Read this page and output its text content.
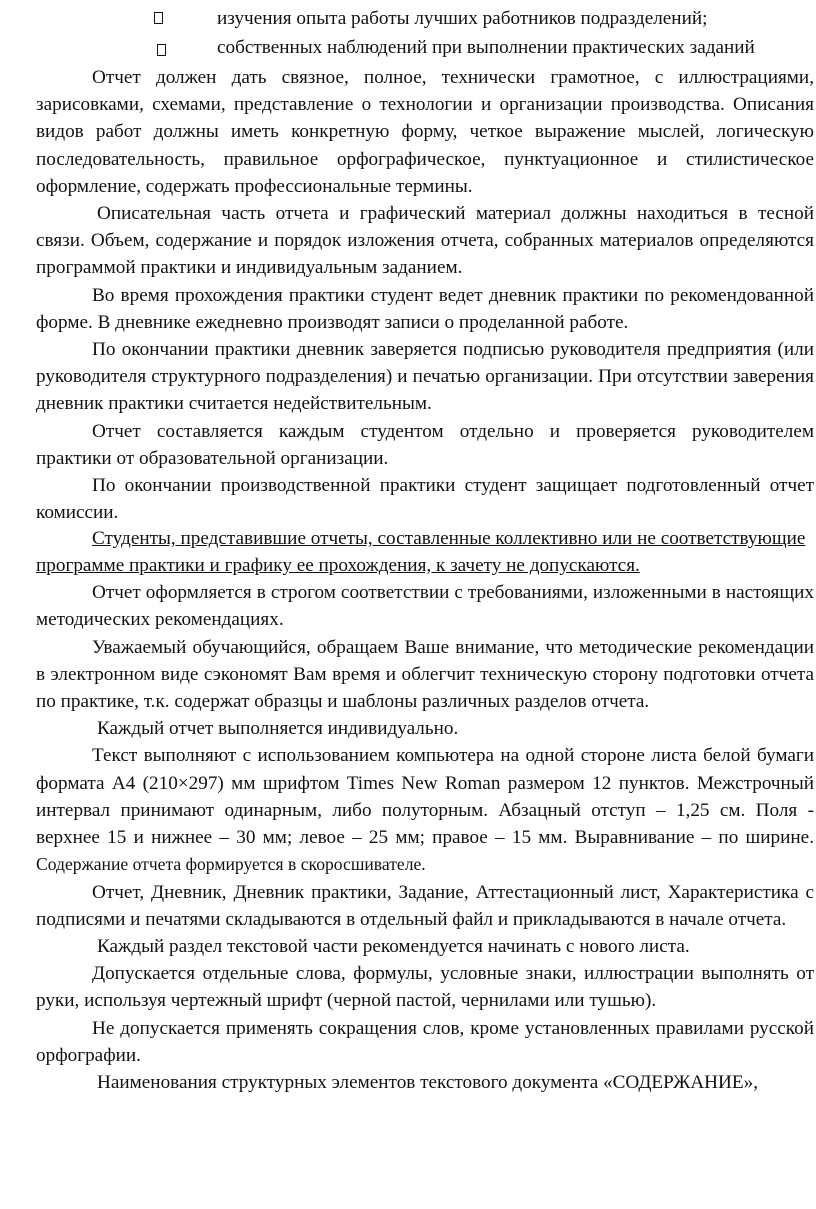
изучения опыта работы лучших работников подразделений;
собственных наблюдений при выполнении практических заданий

Отчет должен дать связное, полное, технически грамотное, с иллюстрациями, зарисовками, схемами, представление о технологии и организации производства. Описания видов работ должны иметь конкретную форму, четкое выражение мыслей, логическую последовательность, правильное орфографическое, пунктуационное и стилистическое оформление, содержать профессиональные термины.

Описательная часть отчета и графический материал должны находиться в тесной связи. Объем, содержание и порядок изложения отчета, собранных материалов определяются программой практики и индивидуальным заданием.

Во время прохождения практики студент ведет дневник практики по рекомендованной форме. В дневнике ежедневно производят записи о проделанной работе.

По окончании практики дневник заверяется подписью руководителя предприятия (или руководителя структурного подразделения) и печатью организации. При отсутствии заверения дневник практики считается недействительным.

Отчет составляется каждым студентом отдельно и проверяется руководителем практики от образовательной организации.

По окончании производственной практики студент защищает подготовленный отчет комиссии.

Студенты, представившие отчеты, составленные коллективно или не соответствующие программе практики и графику ее прохождения, к зачету не допускаются.

Отчет оформляется в строгом соответствии с требованиями, изложенными в настоящих методических рекомендациях.

Уважаемый обучающийся, обращаем Ваше внимание, что методические рекомендации в электронном виде сэкономят Вам время и облегчит техническую сторону подготовки отчета по практике, т.к. содержат образцы и шаблоны различных разделов отчета.

Каждый отчет выполняется индивидуально.

Текст выполняют с использованием компьютера на одной стороне листа белой бумаги формата А4 (210×297) мм шрифтом Times New Roman размером 12 пунктов. Межстрочный интервал принимают одинарным, либо полуторным. Абзацный отступ – 1,25 см. Поля - верхнее 15 и нижнее – 30 мм; левое – 25 мм; правое – 15 мм. Выравнивание – по ширине. Содержание отчета формируется в скоросшивателе.

Отчет, Дневник, Дневник практики, Задание, Аттестационный лист, Характеристика с подписями и печатями складываются в отдельный файл и прикладываются в начале отчета.

Каждый раздел текстовой части рекомендуется начинать с нового листа.

Допускается отдельные слова, формулы, условные знаки, иллюстрации выполнять от руки, используя чертежный шрифт (черной пастой, чернилами или тушью).

Не допускается применять сокращения слов, кроме установленных правилами русской орфографии.

Наименования структурных элементов текстового документа «СОДЕРЖАНИЕ»,
